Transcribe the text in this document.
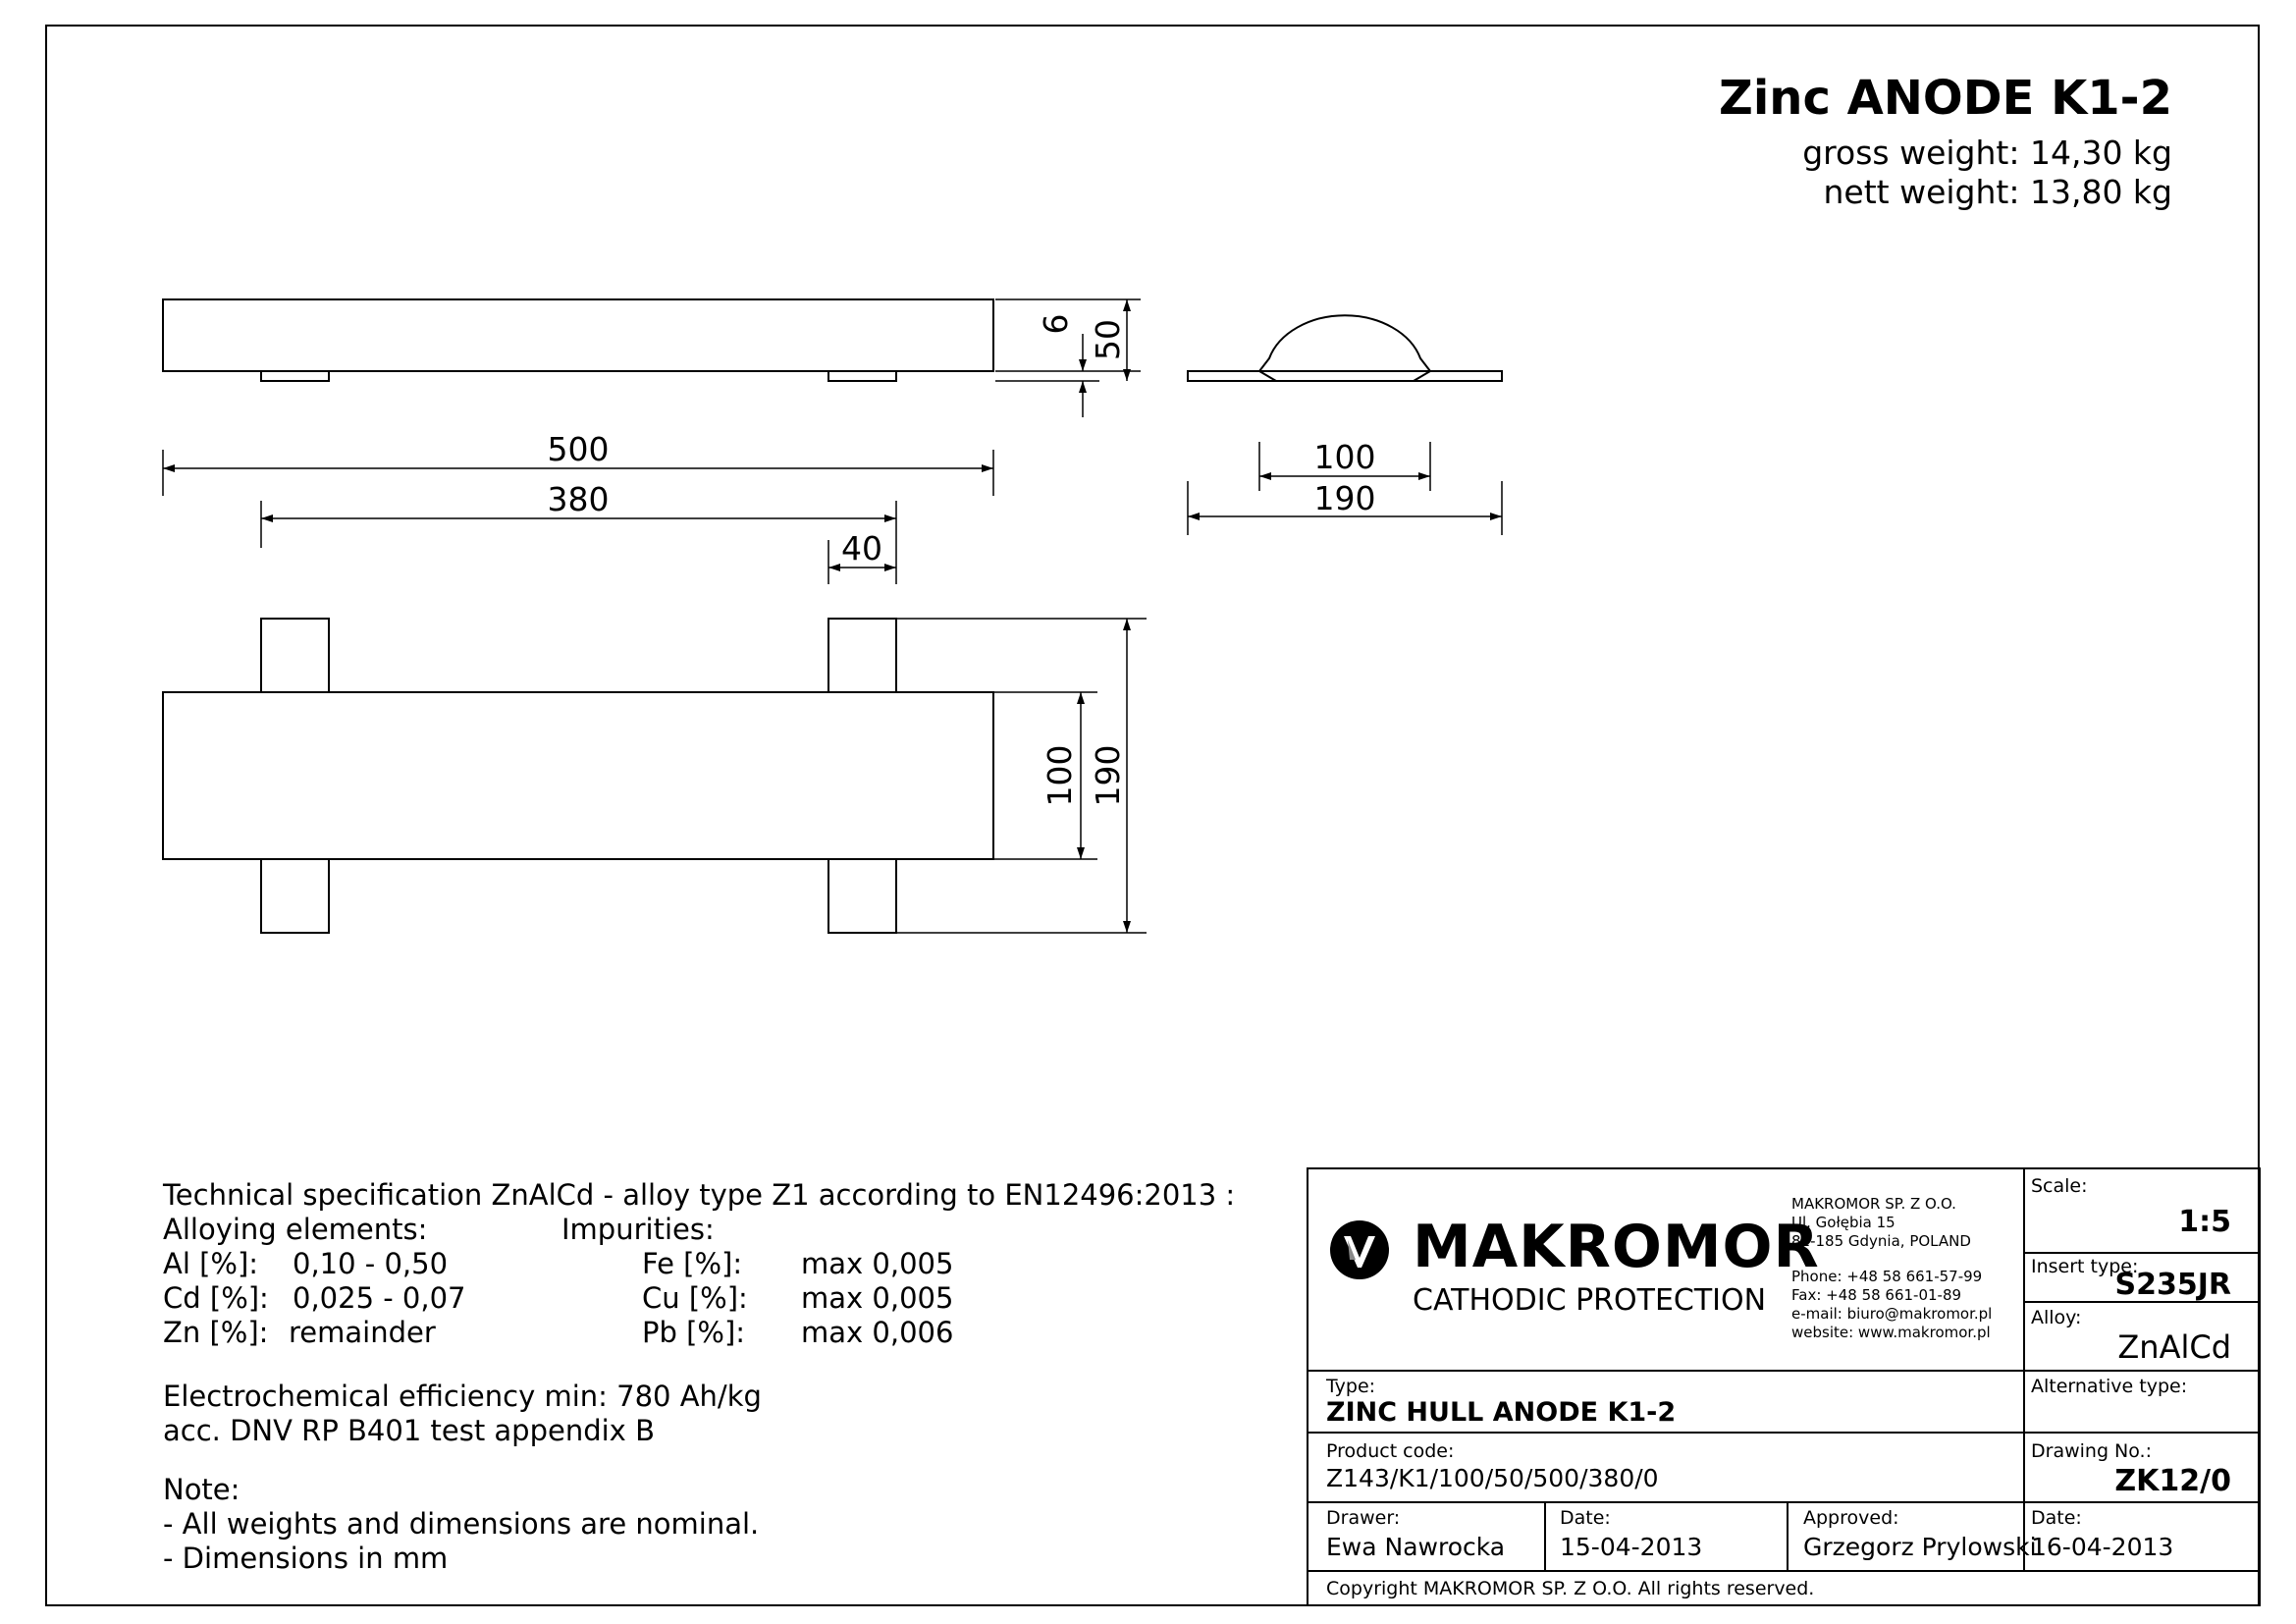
Zinc ANODE K1-2
gross weight: 14,30 kg
nett weight: 13,80 kg
6 50
500
380
40
100
190
100 190
Technical specification ZnAlCd - alloy type Z1 according to EN12496:2013 :
Alloying elements:	Impurities:
Al [%]: 0,10 - 0,50
Cd [%]: 0,025 - 0,07
Zn [%]: remainder
Fe [%]: max 0,005
Cu [%]: max 0,005
Pb [%]: max 0,006
Electrochemical efficiency min: 780 Ah/kg
acc. DNV RP B401 test appendix B
Note:
- All weights and dimensions are nominal.
- Dimensions in mm
MAKROMOR
CATHODIC PROTECTION
MAKROMOR SP. Z O.O.
Ul. Gołębia 15
81-185 Gdynia, POLAND
Phone: +48 58 661-57-99
Fax: +48 58 661-01-89
e-mail: biuro@makromor.pl
website: www.makromor.pl
Scale:
1:5
Insert type:
S235JR
Alloy:
ZnAlCd
Alternative type:
Drawing No.:
ZK12/0
Type:
ZINC HULL ANODE K1-2
Product code:
Z143/K1/100/50/500/380/0
Drawer:
Ewa Nawrocka
Date:
15-04-2013
Approved:
Grzegorz Prylowski
Date:
16-04-2013
Copyright MAKROMOR SP. Z O.O. All rights reserved.
